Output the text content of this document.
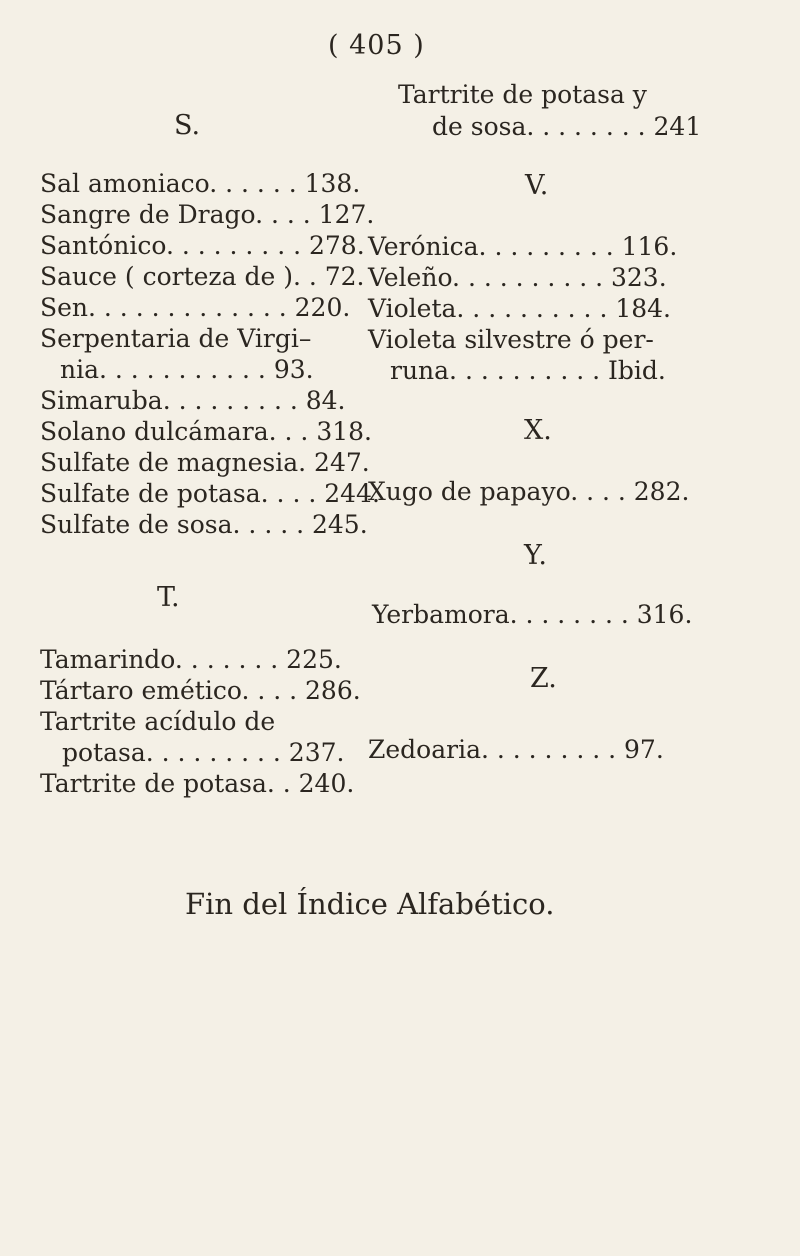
( 405 )
S.
Sal amoniaco. . . . . . 138.
Sangre de Drago. . . . 127.
Santónico. . . . . . . . . 278.
Sauce ( corteza de ). . 72.
Sen. . . . . . . . . . . . . 220.
Serpentaria de Virgi–
nia. . . . . . . . . . . 93.
Simaruba. . . . . . . . . 84.
Solano dulcámara. . . 318.
Sulfate de magnesia. 247.
Sulfate de potasa. . . . 244.
Sulfate de sosa. . . . . 245.
T.
Tamarindo. . . . . . . 225.
Tártaro emético. . . . 286.
Tartrite acídulo de
potasa. . . . . . . . . 237.
Tartrite de potasa. . 240.
Tartrite de potasa y
de sosa. . . . . . . . 241
V.
Verónica. . . . . . . . . 116.
Veleño. . . . . . . . . . 323.
Violeta. . . . . . . . . . 184.
Violeta silvestre ó per-
runa. . . . . . . . . . Ibid.
X.
Xugo de papayo. . . . 282.
Y.
Yerbamora. . . . . . . . 316.
Z.
Zedoaria. . . . . . . . . 97.
Fin del Índice Alfabético.
